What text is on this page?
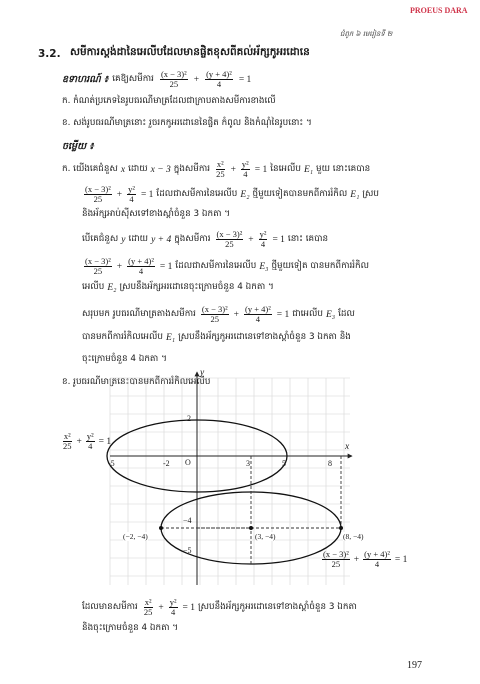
PROEUS DARA
ជំពូក ៦ មេរៀនទី ២
3.2. សមីការស្តង់ដានៃអេលីបដែលមានផ្ចិតខុសពីគល់អ័ក្សកូអរដោនេ
ឧទាហរណ៍ ៖ គេឱ្យសមីការ $\frac{\text{(x − 3)²}}{25} + \frac{\text{(y + 4)²}}{4} = 1$
ក. កំណត់ប្រភេទនៃរូបធរណីមាត្រដែលជាក្រាបតាងសមីការខាងលើ
ខ. សង់រូបធរណីមាត្រនោះ រួចរកកូអរដោនេនៃផ្ចិត កំពូល និងកំណុំនៃរូបនោះ ។
ចម្លើយ ៖
ក. យើងគេជំនួស x ដោយ x − 3 ក្នុងសមីការ $\frac{\text{x²}}{25} + \frac{\text{y²}}{4} = 1$ នៃអេលីប E₁ មួយ នោះគេបាន
$\frac{\text{(x − 3)²}}{25} + \frac{\text{y²}}{4} = 1$ ដែលជាសមីការនៃអេលីប E₂ ថ្មីមួយទៀតបានមកពីការរំកិល E₁ ស្រប
និងអ័ក្សអាប់ស៊ីសទៅខាងស្តាំចំនួន 3 ឯកតា ។
បើគេជំនួស y ដោយ y + 4 ក្នុងសមីការ $\frac{\text{(x − 3)²}}{25} + \frac{\text{y²}}{4} = 1$ នោះ គេបាន
$\frac{\text{(x − 3)²}}{25} + \frac{\text{(y + 4)²}}{4} = 1$ ដែលជាសមីការនៃអេលីប E₃ ថ្មីមួយទៀត បានមកពីការរំកិល
អេលីប E₂ ស្របនឹងអ័ក្សអរដោនេចុះក្រោមចំនួន 4 ឯកតា ។
សរុបមក រូបធរណីមាត្រតាងសមីការ $\frac{\text{(x − 3)²}}{25} + \frac{\text{(y + 4)²}}{4} = 1$ ជាអេលីប E₃ ដែល
បានមកពីការរំកិលអេលីប E₁ ស្របនឹងអ័ក្សកូអរដោនេទៅខាងស្តាំចំនួន 3 ឯកតា និង
ចុះក្រោមចំនួន 4 ឯកតា ។
ខ. រូបធរណីមាត្រនេះបានមកពីការរំកិលអេលីប
x
y
O
-5	-2	3	5	8
2
−4
−5
(−2, −4)	(3, −4)	(8, −4)
$\frac{\text{x²}}{25} + \frac{\text{y²}}{4} = 1$
$\frac{\text{(x − 3)²}}{25} + \frac{\text{(y + 4)²}}{4} = 1$
ដែលមានសមីការ $\frac{\text{x²}}{25} + \frac{\text{y²}}{4} = 1$ ស្របនឹងអ័ក្សកូអរដោនេទៅខាងស្តាំចំនួន 3 ឯកតា
និងចុះក្រោមចំនួន 4 ឯកតា ។
197
